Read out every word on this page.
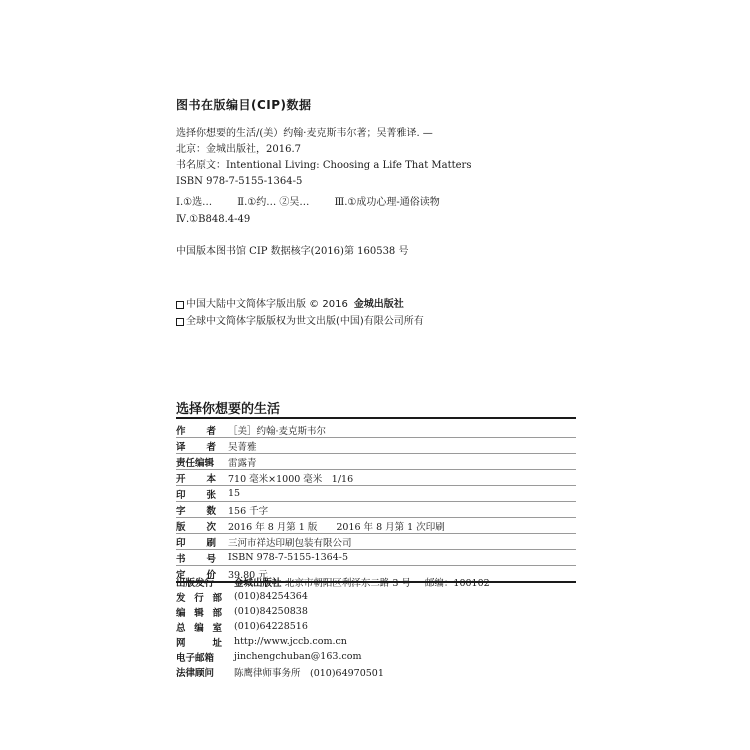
图书在版编目(CIP)数据
选择你想要的生活/(美）约翰·麦克斯韦尔著；吴菁雅译. —
北京：金城出版社，2016.7
书名原文：Intentional Living: Choosing a Life That Matters
ISBN 978-7-5155-1364-5
Ⅰ.①选…	Ⅱ.①约… ②吴…	Ⅲ.①成功心理-通俗读物
Ⅳ.①B848.4-49
中国版本图书馆 CIP 数据核字(2016)第 160538 号
中国大陆中文简体字版出版 © 2016 金城出版社
全球中文简体字版版权为世文出版(中国)有限公司所有
选择你想要的生活
作 者 ［美］约翰·麦克斯韦尔
译 者 吴菁雅
责任编辑 雷露青
开 本 710 毫米×1000 毫米　1/16
印 张 15
字 数 156 千字
版 次 2016 年 8 月第 1 版　　2016 年 8 月第 1 次印刷
印 刷 三河市祥达印刷包装有限公司
书 号 ISBN 978-7-5155-1364-5
定 价 39.80 元
出版发行 金城出版社 北京市朝阳区利泽东二路 3 号 邮编：100102
发 行 部 (010)84254364
编 辑 部 (010)84250838
总 编 室 (010)64228516
网	址 http://www.jccb.com.cn
电子邮箱 jinchengchuban@163.com
法律顾问 陈鹰律师事务所　(010)64970501
